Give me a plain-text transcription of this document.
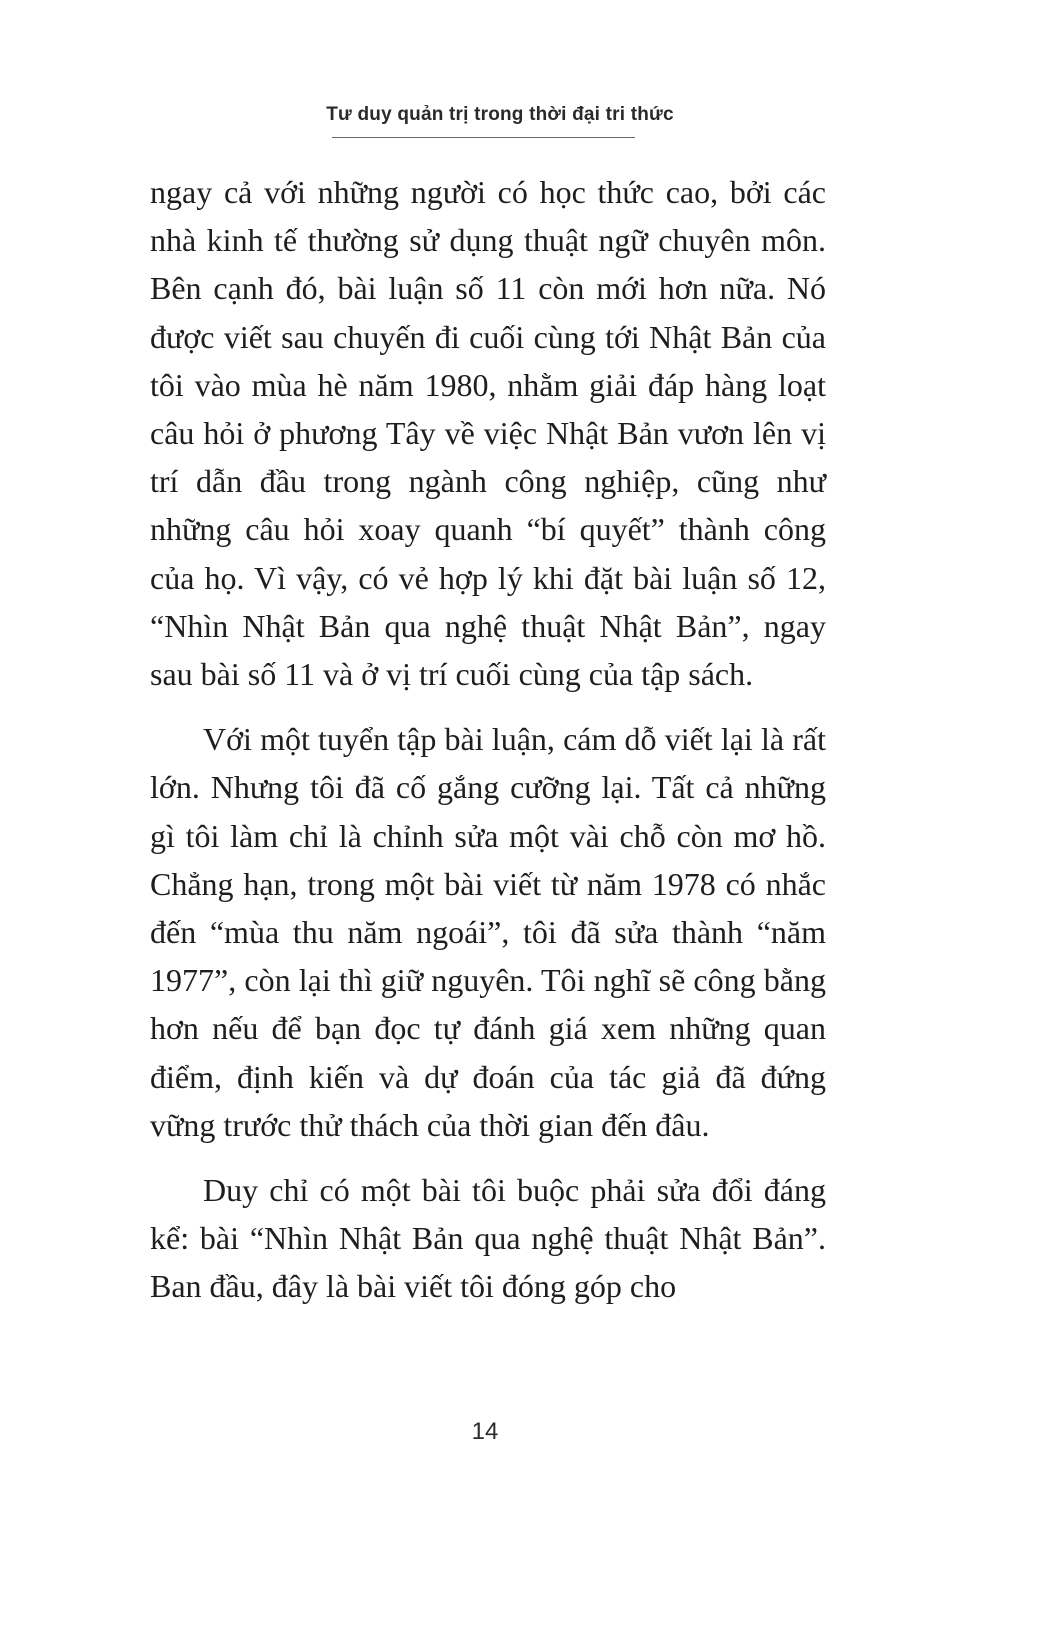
Tư duy quản trị trong thời đại tri thức

ngay cả với những người có học thức cao, bởi các nhà kinh tế thường sử dụng thuật ngữ chuyên môn. Bên cạnh đó, bài luận số 11 còn mới hơn nữa. Nó được viết sau chuyến đi cuối cùng tới Nhật Bản của tôi vào mùa hè năm 1980, nhằm giải đáp hàng loạt câu hỏi ở phương Tây về việc Nhật Bản vươn lên vị trí dẫn đầu trong ngành công nghiệp, cũng như những câu hỏi xoay quanh “bí quyết” thành công của họ. Vì vậy, có vẻ hợp lý khi đặt bài luận số 12, “Nhìn Nhật Bản qua nghệ thuật Nhật Bản”, ngay sau bài số 11 và ở vị trí cuối cùng của tập sách.

Với một tuyển tập bài luận, cám dỗ viết lại là rất lớn. Nhưng tôi đã cố gắng cưỡng lại. Tất cả những gì tôi làm chỉ là chỉnh sửa một vài chỗ còn mơ hồ. Chẳng hạn, trong một bài viết từ năm 1978 có nhắc đến “mùa thu năm ngoái”, tôi đã sửa thành “năm 1977”, còn lại thì giữ nguyên. Tôi nghĩ sẽ công bằng hơn nếu để bạn đọc tự đánh giá xem những quan điểm, định kiến và dự đoán của tác giả đã đứng vững trước thử thách của thời gian đến đâu.

Duy chỉ có một bài tôi buộc phải sửa đổi đáng kể: bài “Nhìn Nhật Bản qua nghệ thuật Nhật Bản”. Ban đầu, đây là bài viết tôi đóng góp cho

14
